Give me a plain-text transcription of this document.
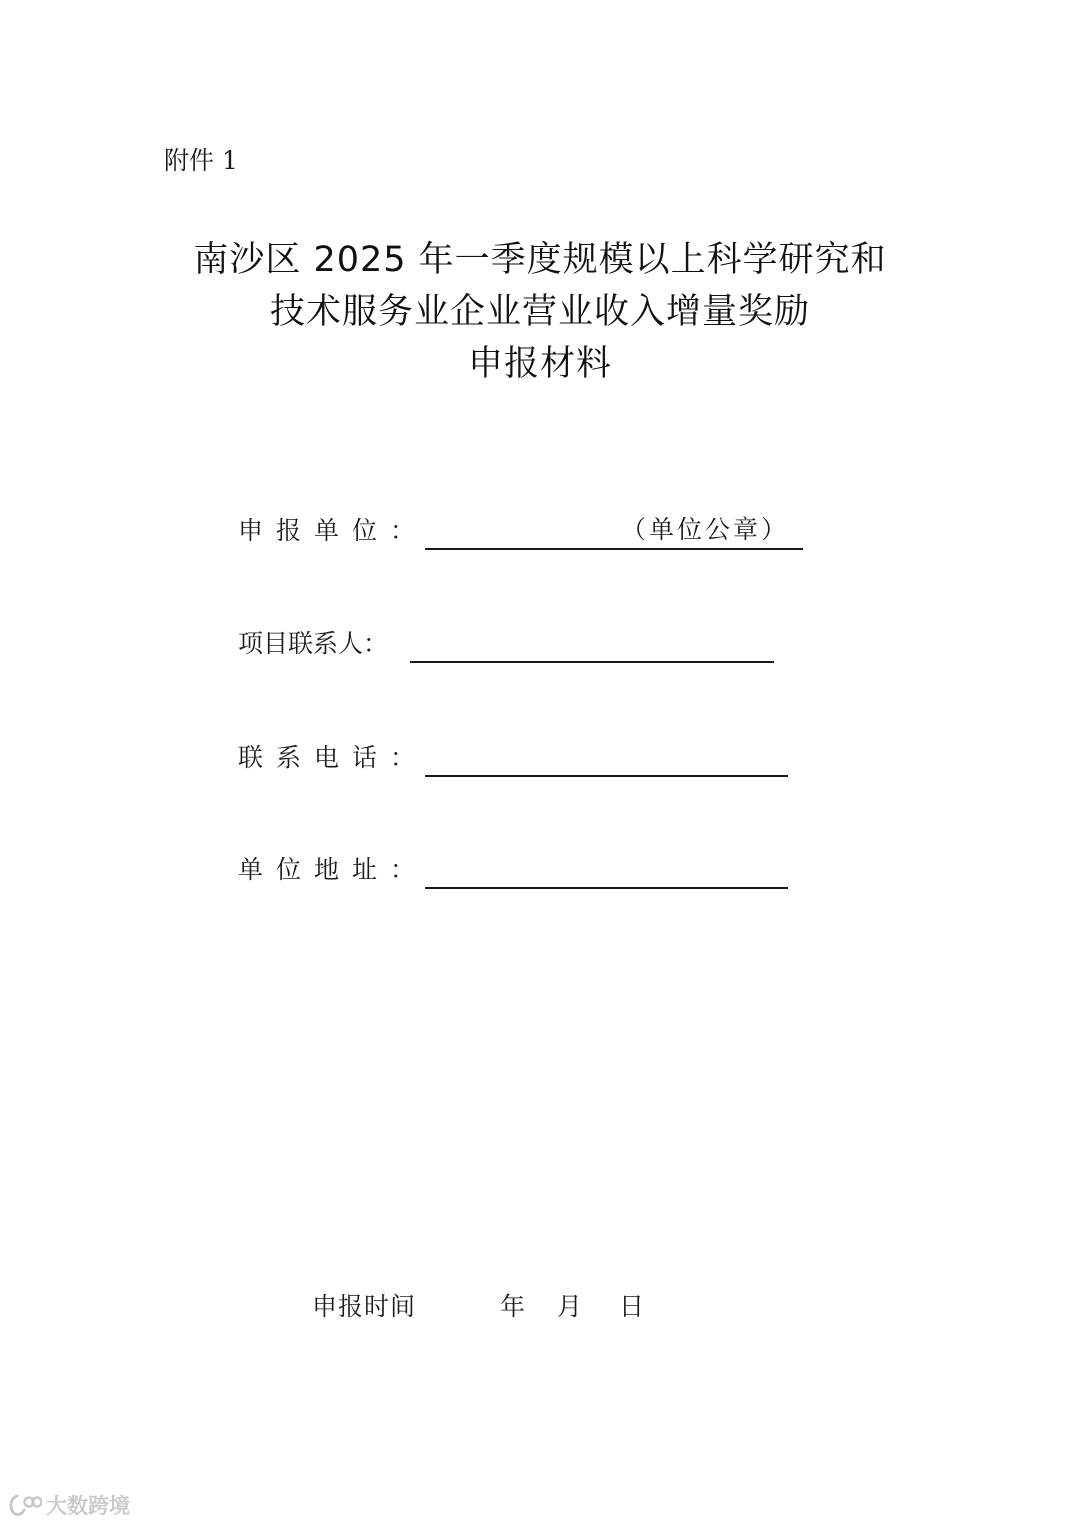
附件 1
南沙区 2025 年一季度规模以上科学研究和
技术服务业企业营业收入增量奖励
申报材料
申报单位：	（单位公章）
项目联系人：
联系电话：
单位地址：
申报时间	年 月 日
大数跨境
